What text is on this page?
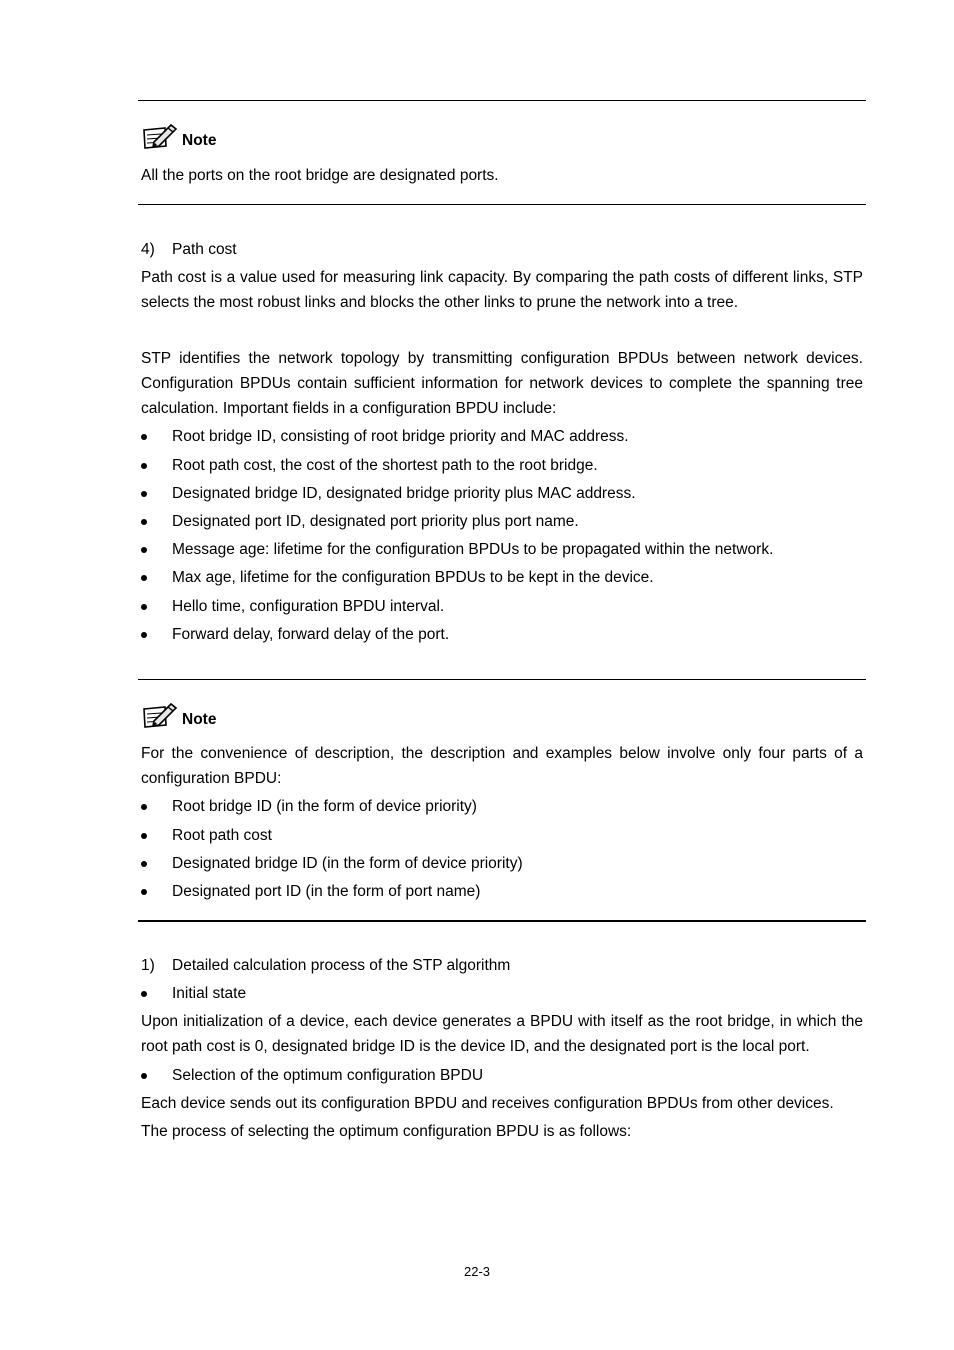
Note

All the ports on the root bridge are designated ports.

4) Path cost

Path cost is a value used for measuring link capacity. By comparing the path costs of different links, STP selects the most robust links and blocks the other links to prune the network into a tree.

STP identifies the network topology by transmitting configuration BPDUs between network devices. Configuration BPDUs contain sufficient information for network devices to complete the spanning tree calculation. Important fields in a configuration BPDU include:

Root bridge ID, consisting of root bridge priority and MAC address.
Root path cost, the cost of the shortest path to the root bridge.
Designated bridge ID, designated bridge priority plus MAC address.
Designated port ID, designated port priority plus port name.
Message age: lifetime for the configuration BPDUs to be propagated within the network.
Max age, lifetime for the configuration BPDUs to be kept in the device.
Hello time, configuration BPDU interval.
Forward delay, forward delay of the port.
Note

For the convenience of description, the description and examples below involve only four parts of a configuration BPDU:

Root bridge ID (in the form of device priority)
Root path cost
Designated bridge ID (in the form of device priority)
Designated port ID (in the form of port name)
1) Detailed calculation process of the STP algorithm
Initial state

Upon initialization of a device, each device generates a BPDU with itself as the root bridge, in which the root path cost is 0, designated bridge ID is the device ID, and the designated port is the local port.

Selection of the optimum configuration BPDU

Each device sends out its configuration BPDU and receives configuration BPDUs from other devices.

The process of selecting the optimum configuration BPDU is as follows:

22-3
